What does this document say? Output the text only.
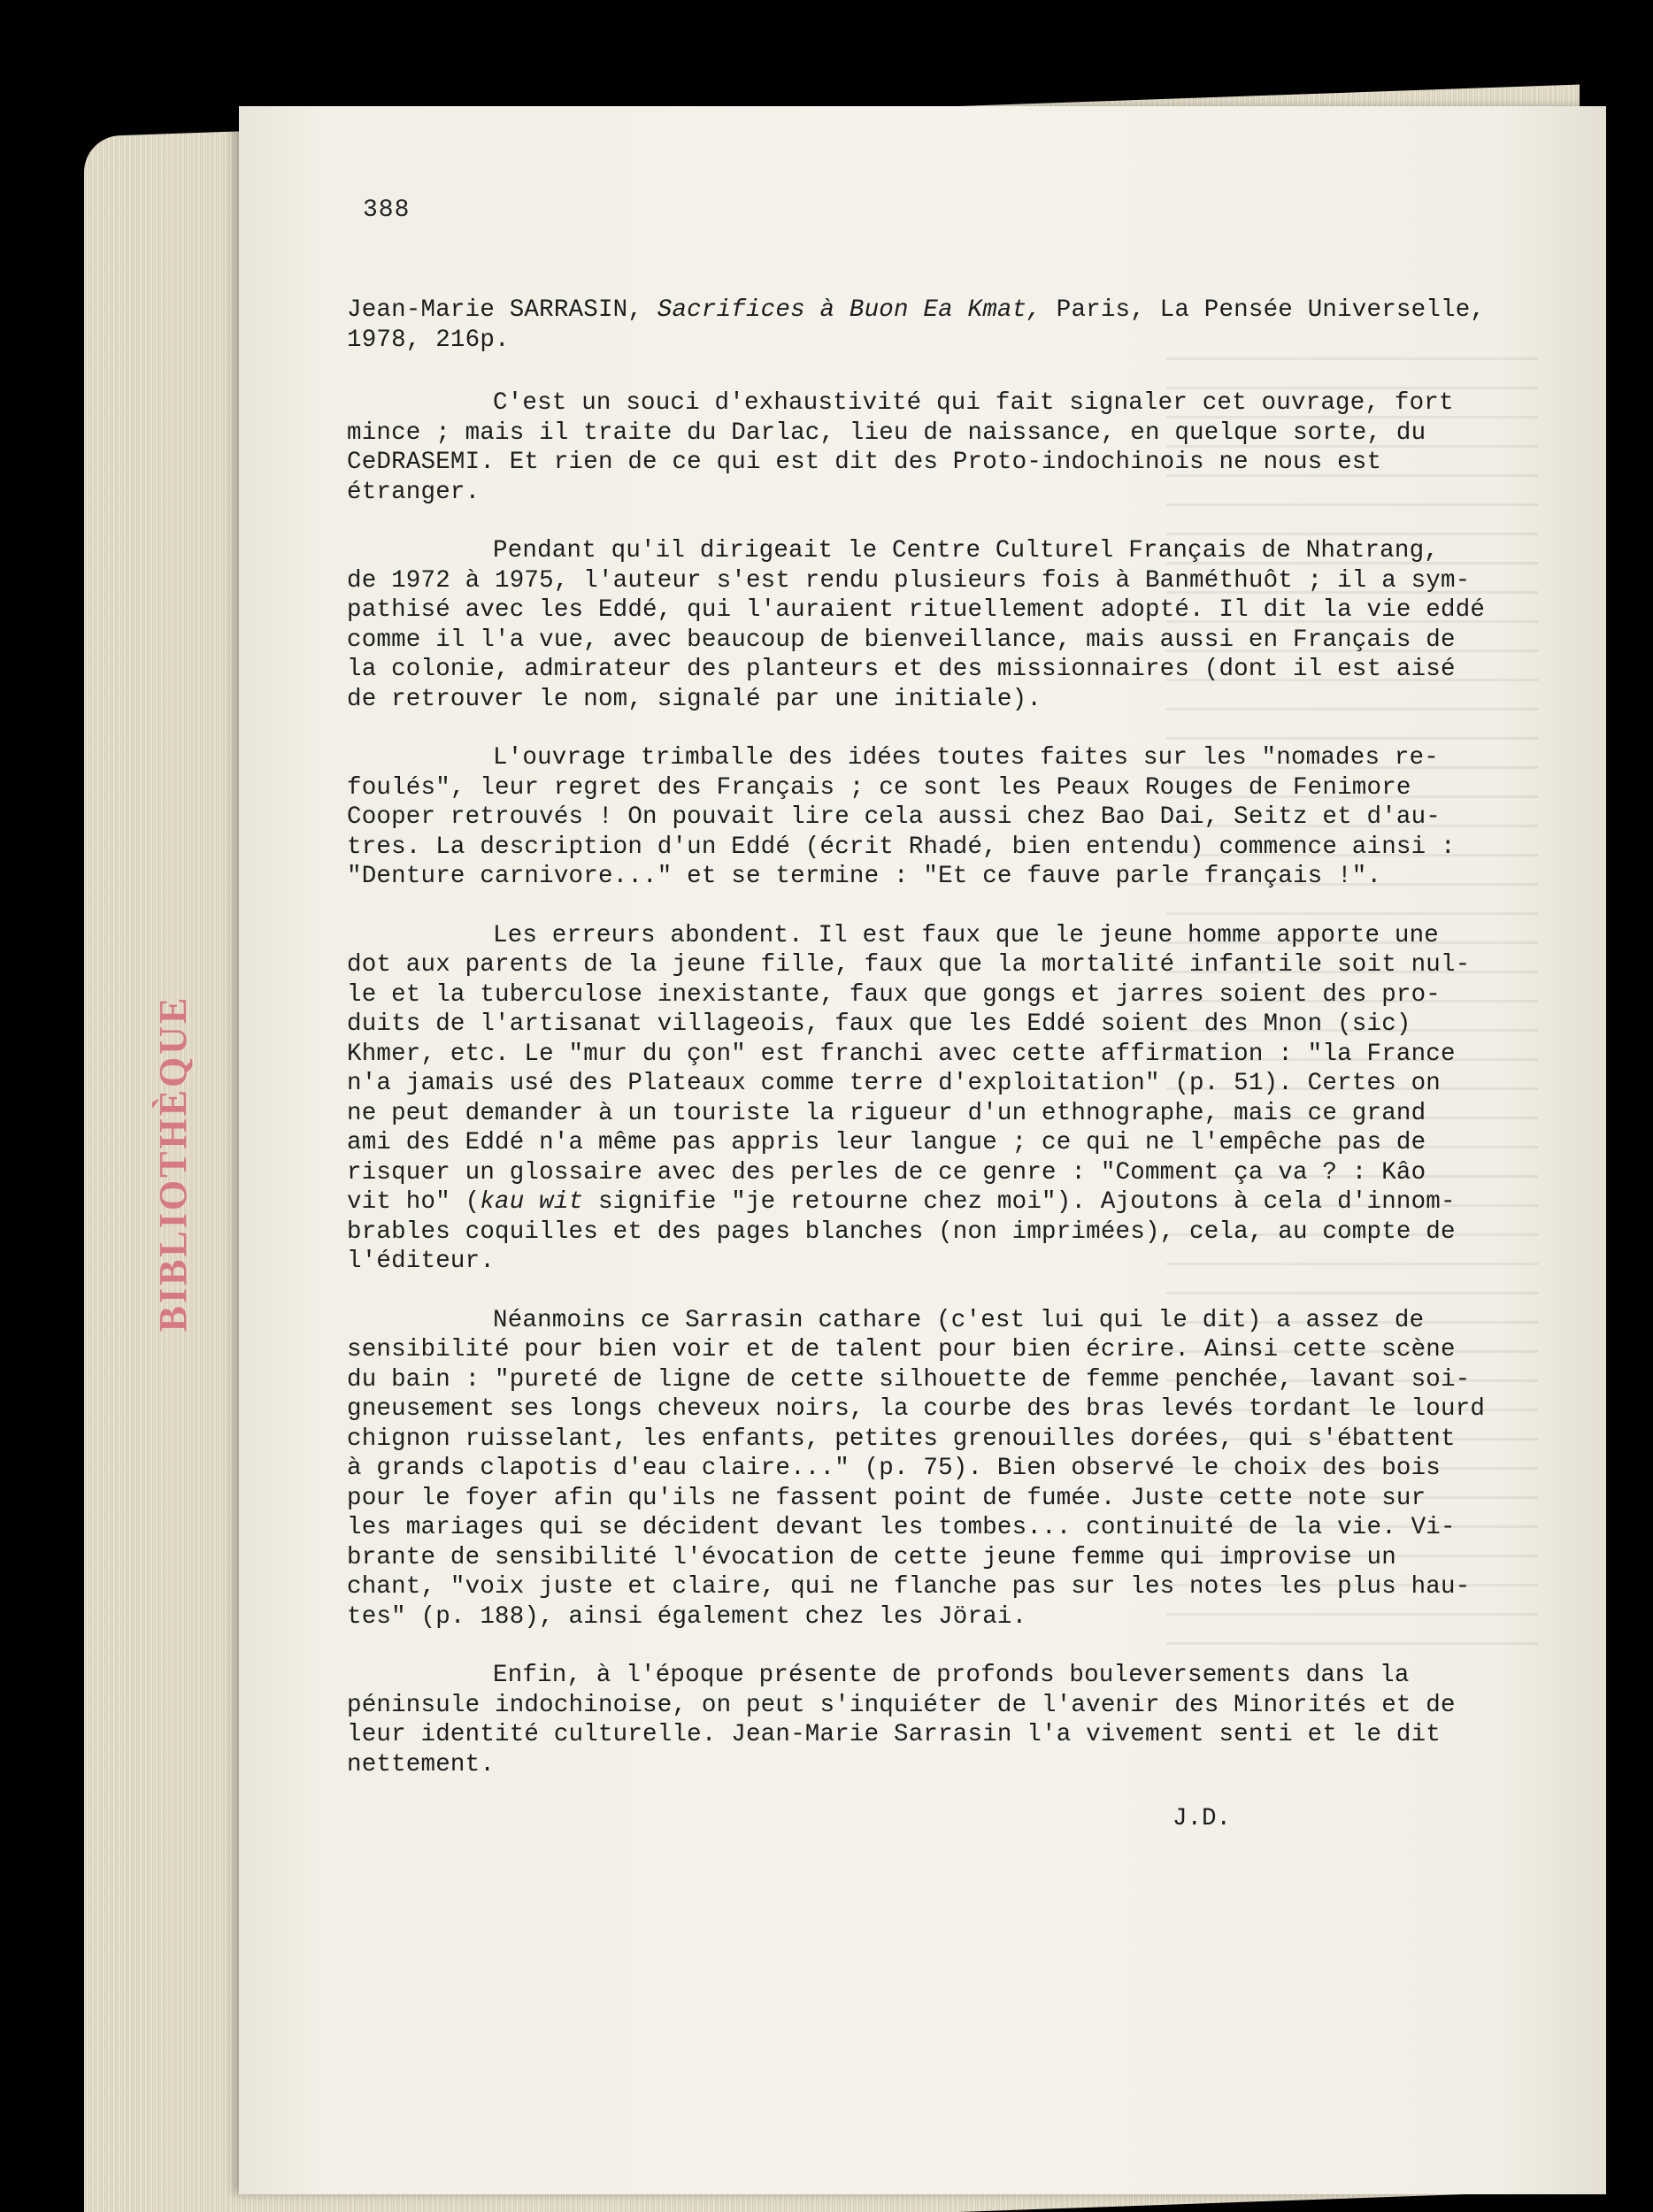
BIBLIOTHÈQUE
388

Jean-Marie SARRASIN, Sacrifices à Buon Ea Kmat, Paris, La Pensée Universelle,

1978, 216p.

C'est un souci d'exhaustivité qui fait signaler cet ouvrage, fort
mince ; mais il traite du Darlac, lieu de naissance, en quelque sorte, du
CeDRASEMI. Et rien de ce qui est dit des Proto-indochinois ne nous est
étranger.

Pendant qu'il dirigeait le Centre Culturel Français de Nhatrang,
de 1972 à 1975, l'auteur s'est rendu plusieurs fois à Banméthuôt ; il a sym-
pathisé avec les Eddé, qui l'auraient rituellement adopté. Il dit la vie eddé
comme il l'a vue, avec beaucoup de bienveillance, mais aussi en Français de
la colonie, admirateur des planteurs et des missionnaires (dont il est aisé
de retrouver le nom, signalé par une initiale).

L'ouvrage trimballe des idées toutes faites sur les "nomades re-
foulés", leur regret des Français ; ce sont les Peaux Rouges de Fenimore
Cooper retrouvés ! On pouvait lire cela aussi chez Bao Dai, Seitz et d'au-
tres. La description d'un Eddé (écrit Rhadé, bien entendu) commence ainsi :
"Denture carnivore..." et se termine : "Et ce fauve parle français !".

Les erreurs abondent. Il est faux que le jeune homme apporte une
dot aux parents de la jeune fille, faux que la mortalité infantile soit nul-
le et la tuberculose inexistante, faux que gongs et jarres soient des pro-
duits de l'artisanat villageois, faux que les Eddé soient des Mnon (sic)
Khmer, etc. Le "mur du çon" est franchi avec cette affirmation : "la France
n'a jamais usé des Plateaux comme terre d'exploitation" (p. 51). Certes on
ne peut demander à un touriste la rigueur d'un ethnographe, mais ce grand
ami des Eddé n'a même pas appris leur langue ; ce qui ne l'empêche pas de
risquer un glossaire avec des perles de ce genre : "Comment ça va ? : Kâo
vit ho" (kau wit signifie "je retourne chez moi"). Ajoutons à cela d'innom-
brables coquilles et des pages blanches (non imprimées), cela, au compte de
l'éditeur.

Néanmoins ce Sarrasin cathare (c'est lui qui le dit) a assez de
sensibilité pour bien voir et de talent pour bien écrire. Ainsi cette scène
du bain : "pureté de ligne de cette silhouette de femme penchée, lavant soi-
gneusement ses longs cheveux noirs, la courbe des bras levés tordant le lourd
chignon ruisselant, les enfants, petites grenouilles dorées, qui s'ébattent
à grands clapotis d'eau claire..." (p. 75). Bien observé le choix des bois
pour le foyer afin qu'ils ne fassent point de fumée. Juste cette note sur
les mariages qui se décident devant les tombes... continuité de la vie. Vi-
brante de sensibilité l'évocation de cette jeune femme qui improvise un
chant, "voix juste et claire, qui ne flanche pas sur les notes les plus hau-
tes" (p. 188), ainsi également chez les Jörai.

Enfin, à l'époque présente de profonds bouleversements dans la
péninsule indochinoise, on peut s'inquiéter de l'avenir des Minorités et de
leur identité culturelle. Jean-Marie Sarrasin l'a vivement senti et le dit
nettement.

J.D.
